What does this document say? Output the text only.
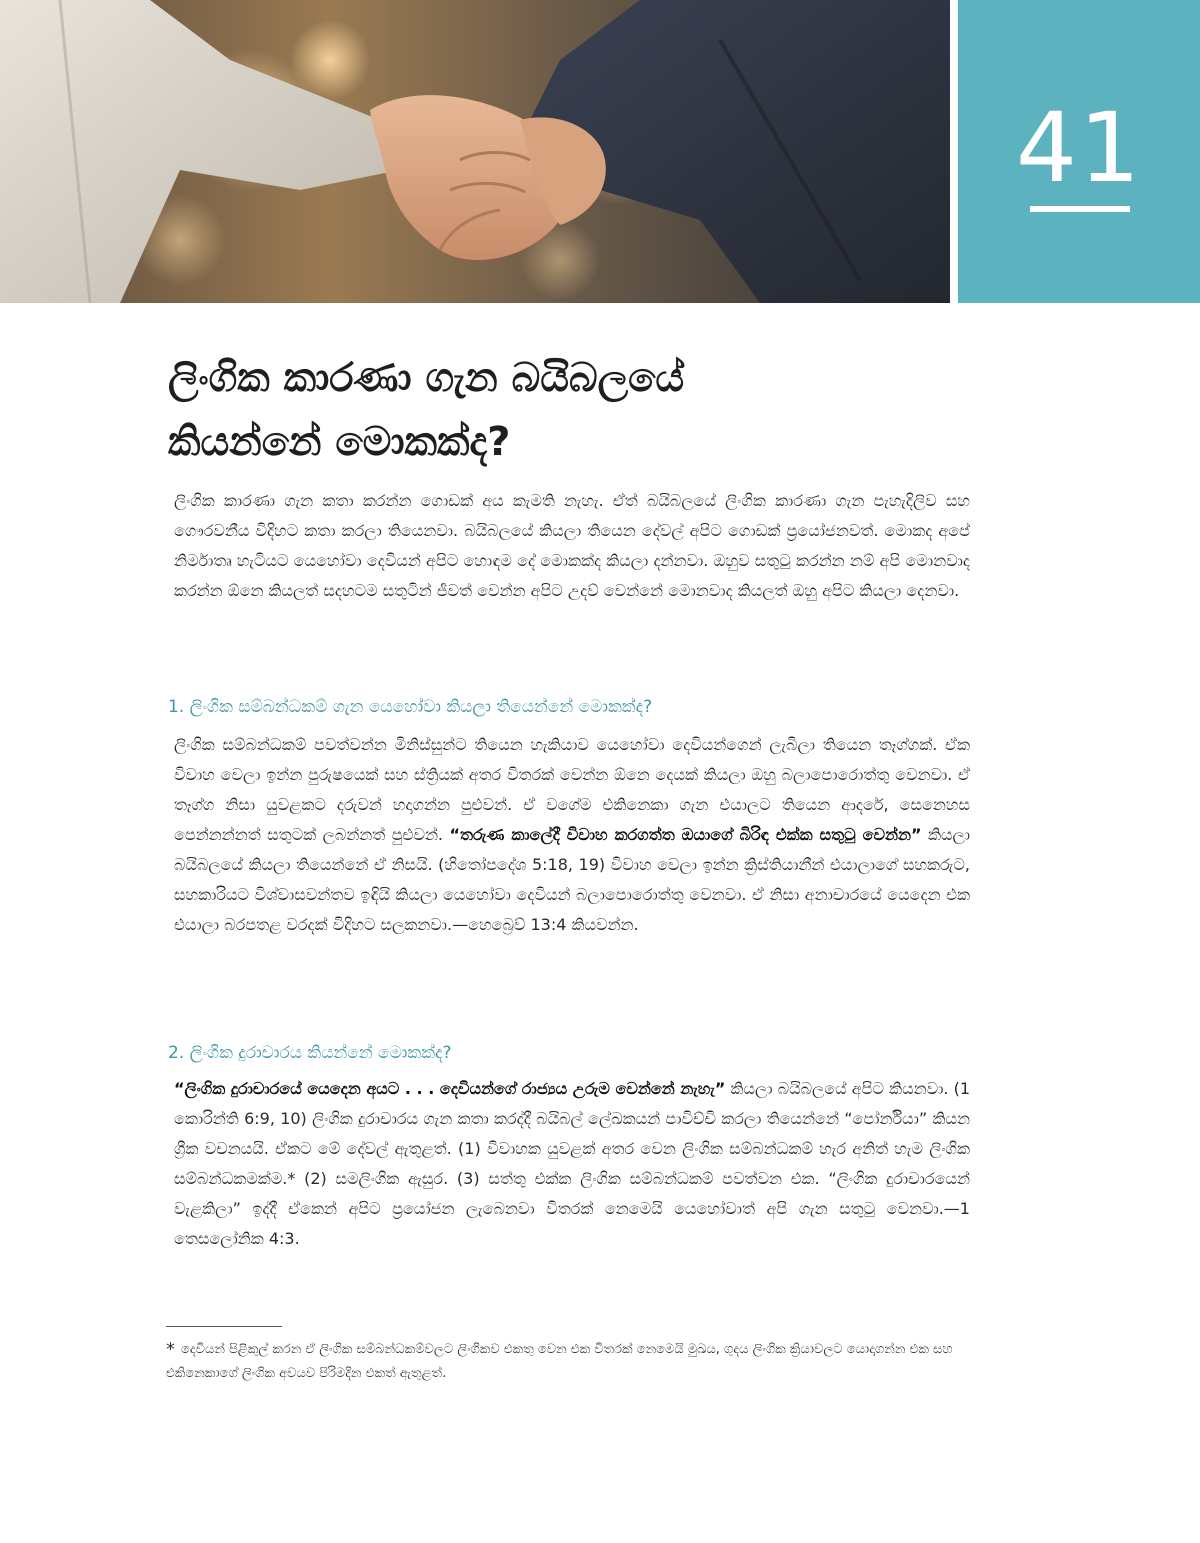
41
ලිංගික කාරණා ගැන බයිබලයේ
කියන්නේ මොකක්ද?

ලිංගික කාරණා ගැන කතා කරන්න ගොඩක් අය කැමති නැහැ. ඒත් බයිබලයේ ලිංගික කාරණා ගැන පැහැදිලිව සහ ගෞරවනීය විදිහට කතා කරලා තියෙනවා. බයිබලයේ කියලා තියෙන දේවල් අපිට ගොඩක් ප්‍රයෝජනවත්. මොකද අපේ නිර්මාතෘ හැටියට යෙහෝවා දෙවියන් අපිට හොඳම දේ මොකක්ද කියලා දන්නවා. ඔහුව සතුටු කරන්න නම් අපි මොනවාද කරන්න ඕනෙ කියලත් සදහටම සතුටින් ජීවත් වෙන්න අපිට උදව් වෙන්නේ මොනවාද කියලත් ඔහු අපිට කියලා දෙනවා.

1. ලිංගික සම්බන්ධකම් ගැන යෙහෝවා කියලා තියෙන්නේ මොකක්ද?

ලිංගික සම්බන්ධකම් පවත්වන්න මිනිස්සුන්ට තියෙන හැකියාව යෙහෝවා දෙවියන්ගෙන් ලැබිලා තියෙන තෑග්ගක්. ඒක විවාහ වෙලා ඉන්න පුරුෂයෙක් සහ ස්ත්‍රියක් අතර විතරක් වෙන්න ඕනෙ දෙයක් කියලා ඔහු බලාපොරොත්තු වෙනවා. ඒ තෑග්ග නිසා යුවළකට දරුවන් හදාගන්න පුළුවන්. ඒ වගේම එකිනෙකා ගැන එයාලට තියෙන ආදරේ, සෙනෙහස පෙන්නන්නත් සතුටක් ලබන්නත් පුළුවන්. “තරුණ කාලේදී විවාහ කරගත්ත ඔයාගේ බිරිඳ එක්ක සතුටු වෙන්න” කියලා බයිබලයේ කියලා තියෙන්නේ ඒ නිසයි. (හිතෝපදේශ 5:18, 19) විවාහ වෙලා ඉන්න ක්‍රිස්තියානීන් එයාලාගේ සහකරුට, සහකාරියට විශ්වාසවන්තව ඉඳියි කියලා යෙහෝවා දෙවියන් බලාපොරොත්තු වෙනවා. ඒ නිසා අනාචාරයේ යෙදෙන එක එයාලා බරපතළ වරදක් විදිහට සලකනවා.—හෙබ්‍රෙව් 13:4 කියවන්න.

2. ලිංගික දුරාචාරය කියන්නේ මොකක්ද?

“ලිංගික දුරාචාරයේ යෙදෙන අයට . . . දෙවියන්ගේ රාජ්‍යය උරුම වෙන්නේ නැහැ” කියලා බයිබලයේ අපිට කියනවා. (1 කොරින්ති 6:9, 10) ලිංගික දුරාචාරය ගැන කතා කරද්දී බයිබල් ලේඛකයන් පාවිච්චි කරලා තියෙන්නේ “පෝර්නියා” කියන ග්‍රීක වචනයයි. ඒකට මේ දේවල් ඇතුළත්. (1) විවාහක යුවළක් අතර වෙන ලිංගික සම්බන්ධකම් හැර අනිත් හැම ලිංගික සම්බන්ධකමක්ම.* (2) සමලිංගික ඇසුර. (3) සත්තු එක්ක ලිංගික සම්බන්ධකම් පවත්වන එක. “ලිංගික දුරාචාරයෙන් වැළකිලා” ඉද්දී ඒකෙන් අපිට ප්‍රයෝජන ලැබෙනවා විතරක් නෙමෙයි යෙහෝවාත් අපි ගැන සතුටු වෙනවා.—1 තෙසලෝනික 4:3.

* දෙවියන් පිළිකුල් කරන ඒ ලිංගික සම්බන්ධකම්වලට ලිංගිකව එකතු වෙන එක විතරක් නෙමෙයි මුඛය, ගුදය ලිංගික ක්‍රියාවලට යොදාගන්න එක සහ එකිනෙකාගේ ලිංගික අවයව පිරිමදින එකත් ඇතුළත්.
